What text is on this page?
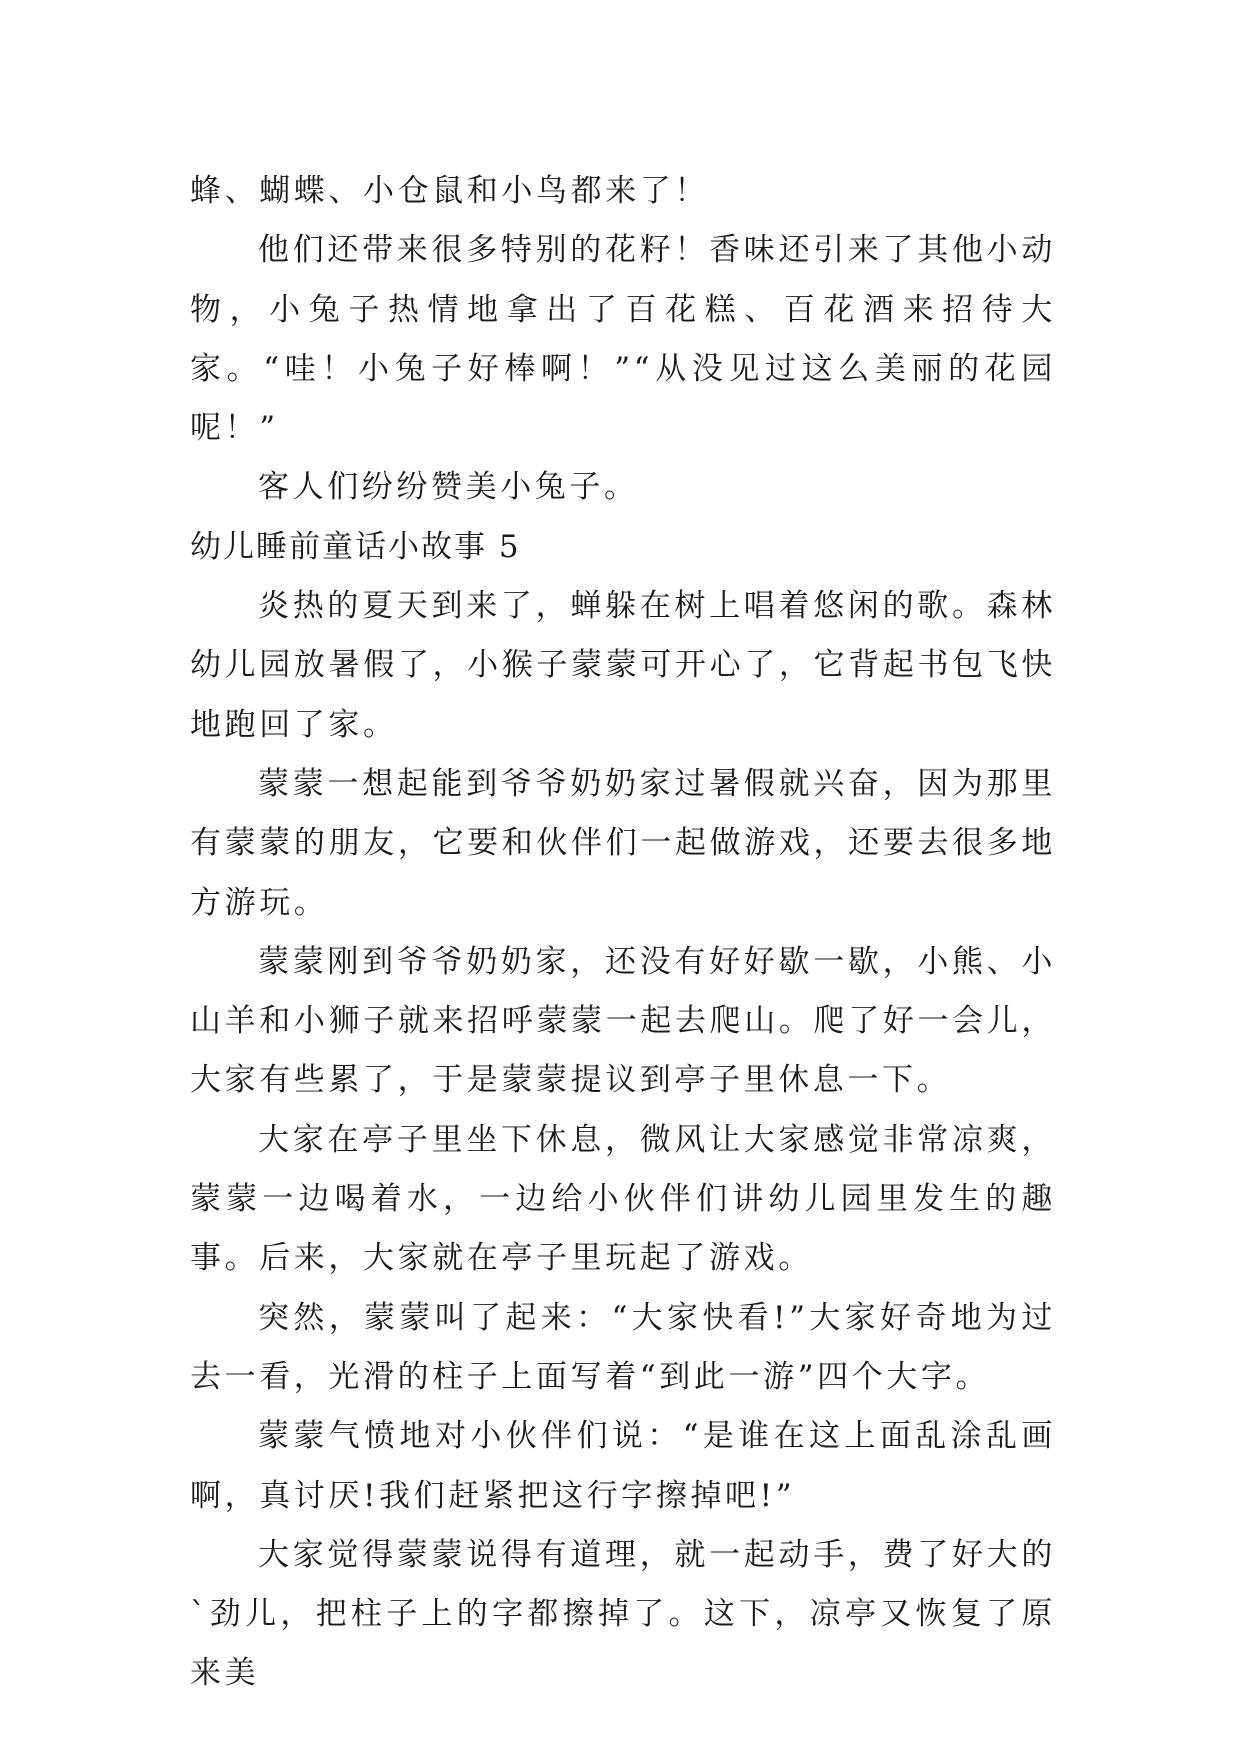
蜂、蝴蝶、小仓鼠和小鸟都来了！

他们还带来很多特别的花籽！香味还引来了其他小动物，小兔子热情地拿出了百花糕、百花酒来招待大家。“哇！小兔子好棒啊！”“从没见过这么美丽的花园呢！”

客人们纷纷赞美小兔子。

幼儿睡前童话小故事 5

炎热的夏天到来了，蝉躲在树上唱着悠闲的歌。森林幼儿园放暑假了，小猴子蒙蒙可开心了，它背起书包飞快地跑回了家。

蒙蒙一想起能到爷爷奶奶家过暑假就兴奋，因为那里有蒙蒙的朋友，它要和伙伴们一起做游戏，还要去很多地方游玩。

蒙蒙刚到爷爷奶奶家，还没有好好歇一歇，小熊、小山羊和小狮子就来招呼蒙蒙一起去爬山。爬了好一会儿，大家有些累了，于是蒙蒙提议到亭子里休息一下。

大家在亭子里坐下休息，微风让大家感觉非常凉爽，蒙蒙一边喝着水，一边给小伙伴们讲幼儿园里发生的趣事。后来，大家就在亭子里玩起了游戏。

突然，蒙蒙叫了起来：“大家快看!”大家好奇地为过去一看，光滑的柱子上面写着“到此一游”四个大字。

蒙蒙气愤地对小伙伴们说：“是谁在这上面乱涂乱画啊，真讨厌!我们赶紧把这行字擦掉吧!”

大家觉得蒙蒙说得有道理，就一起动手，费了好大的`劲儿，把柱子上的字都擦掉了。这下，凉亭又恢复了原来美
